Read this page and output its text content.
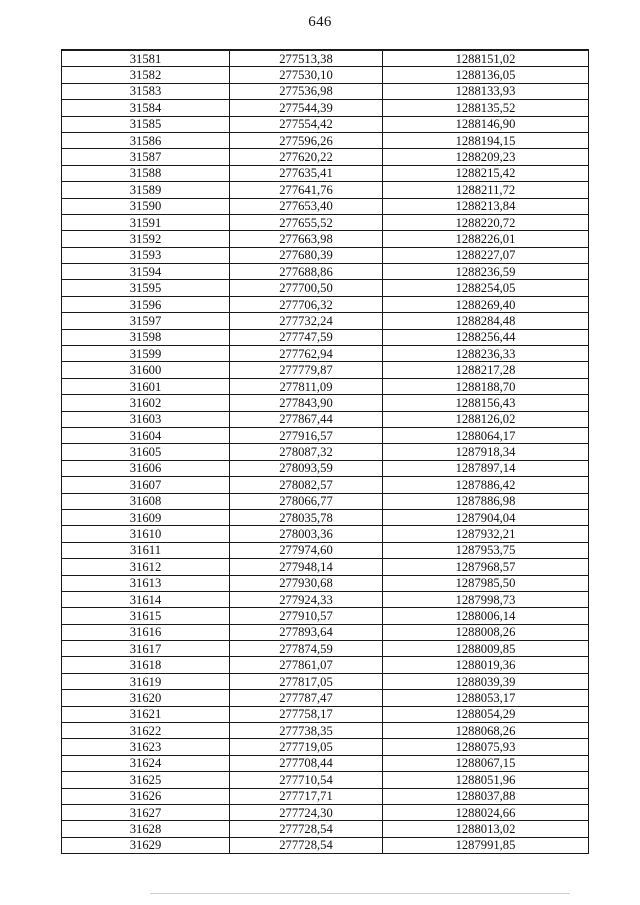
646
31581	277513,38	1288151,02
31582	277530,10	1288136,05
31583	277536,98	1288133,93
31584	277544,39	1288135,52
31585	277554,42	1288146,90
31586	277596,26	1288194,15
31587	277620,22	1288209,23
31588	277635,41	1288215,42
31589	277641,76	1288211,72
31590	277653,40	1288213,84
31591	277655,52	1288220,72
31592	277663,98	1288226,01
31593	277680,39	1288227,07
31594	277688,86	1288236,59
31595	277700,50	1288254,05
31596	277706,32	1288269,40
31597	277732,24	1288284,48
31598	277747,59	1288256,44
31599	277762,94	1288236,33
31600	277779,87	1288217,28
31601	277811,09	1288188,70
31602	277843,90	1288156,43
31603	277867,44	1288126,02
31604	277916,57	1288064,17
31605	278087,32	1287918,34
31606	278093,59	1287897,14
31607	278082,57	1287886,42
31608	278066,77	1287886,98
31609	278035,78	1287904,04
31610	278003,36	1287932,21
31611	277974,60	1287953,75
31612	277948,14	1287968,57
31613	277930,68	1287985,50
31614	277924,33	1287998,73
31615	277910,57	1288006,14
31616	277893,64	1288008,26
31617	277874,59	1288009,85
31618	277861,07	1288019,36
31619	277817,05	1288039,39
31620	277787,47	1288053,17
31621	277758,17	1288054,29
31622	277738,35	1288068,26
31623	277719,05	1288075,93
31624	277708,44	1288067,15
31625	277710,54	1288051,96
31626	277717,71	1288037,88
31627	277724,30	1288024,66
31628	277728,54	1288013,02
31629	277728,54	1287991,85
